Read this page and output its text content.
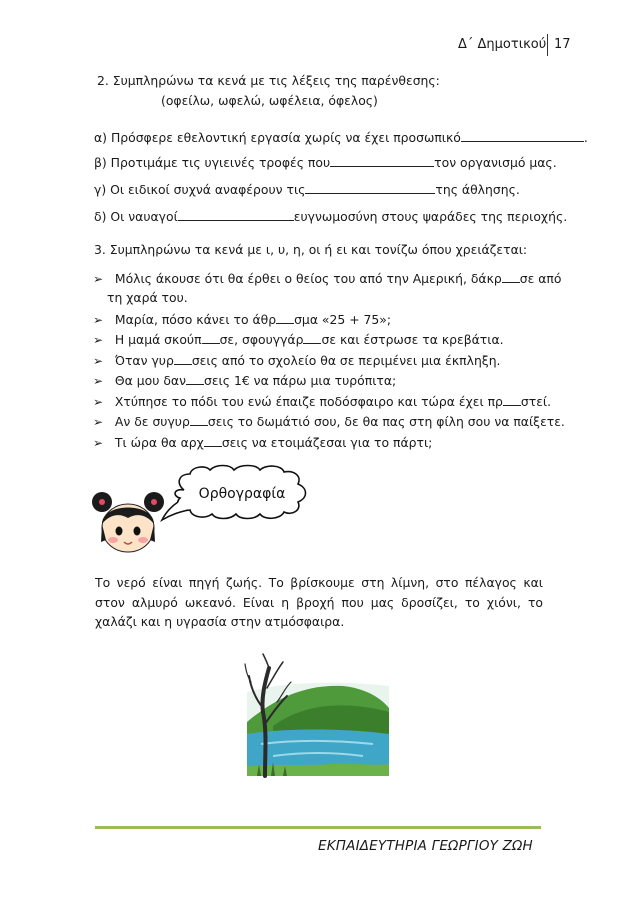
Δ΄ Δημοτικού 17
2. Συμπληρώνω τα κενά με τις λέξεις της παρένθεσης:
(οφείλω, ωφελώ, ωφέλεια, όφελος)
α) Πρόσφερε εθελοντική εργασία χωρίς να έχει προσωπικό	.
β) Προτιμάμε τις υγιεινές τροφές που	τον οργανισμό μας.
γ) Οι ειδικοί συχνά αναφέρουν τις	της άθλησης.
δ) Οι ναυαγοί	ευγνωμοσύνη στους ψαράδες της περιοχής.
3. Συμπληρώνω τα κενά με ι, υ, η, οι ή ει και τονίζω όπου χρειάζεται:
➢ Μόλις άκουσε ότι θα έρθει ο θείος του από την Αμερική, δάκρ σε από
τη χαρά του.
➢ Μαρία, πόσο κάνει το άθρ σμα «25 + 75»;
➢ Η μαμά σκούπ σε, σφουγγάρ σε και έστρωσε τα κρεβάτια.
➢ Όταν γυρ σεις από το σχολείο θα σε περιμένει μια έκπληξη.
➢ Θα μου δαν σεις 1€ να πάρω μια τυρόπιτα;
➢ Χτύπησε το πόδι του ενώ έπαιζε ποδόσφαιρο και τώρα έχει πρ στεί.
➢ Αν δε συγυρ σεις το δωμάτιό σου, δε θα πας στη φίλη σου να παίξετε.
➢ Τι ώρα θα αρχ σεις να ετοιμάζεσαι για το πάρτι;
Ορθογραφία
Το νερό είναι πηγή ζωής. Το βρίσκουμε στη λίμνη, στο πέλαγος και στον αλμυρό ωκεανό. Είναι η βροχή που μας δροσίζει, το χιόνι, το χαλάζι και η υγρασία στην ατμόσφαιρα.
ΕΚΠΑΙΔΕΥΤΗΡΙΑ ΓΕΩΡΓΙΟΥ ΖΩΗ
